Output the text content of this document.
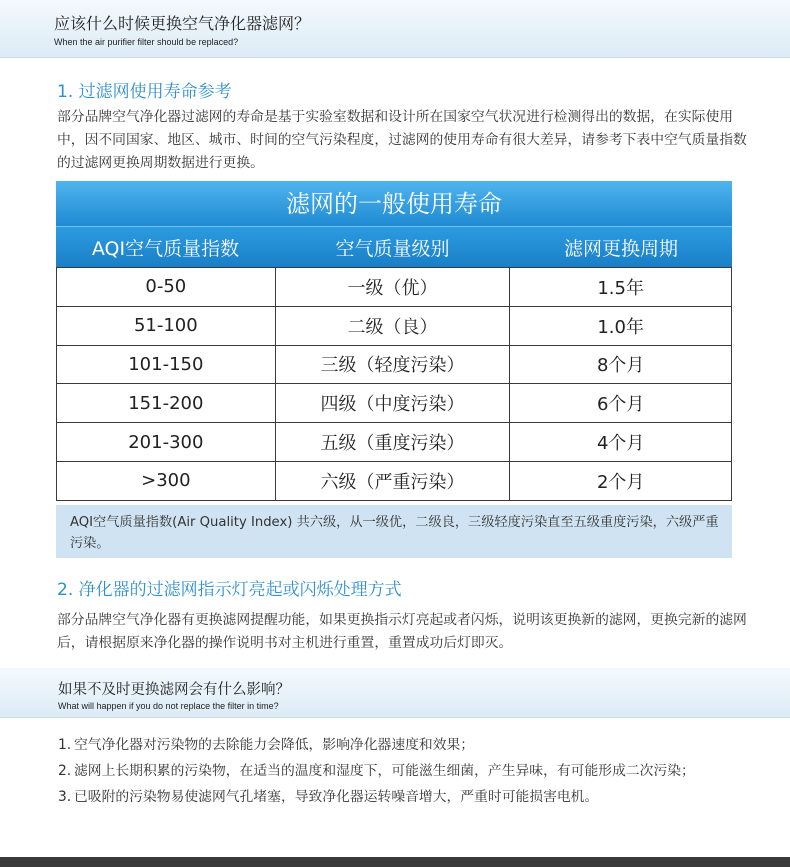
应该什么时候更换空气净化器滤网？
When the air purifier filter should be replaced?
1. 过滤网使用寿命参考
部分品牌空气净化器过滤网的寿命是基于实验室数据和设计所在国家空气状况进行检测得出的数据，在实际使用中，因不同国家、地区、城市、时间的空气污染程度，过滤网的使用寿命有很大差异，请参考下表中空气质量指数的过滤网更换周期数据进行更换。
滤网的一般使用寿命
AQI空气质量指数	空气质量级别	滤网更换周期
0-50	一级（优）	1.5年
51-100	二级（良）	1.0年
101-150	三级（轻度污染）	8个月
151-200	四级（中度污染）	6个月
201-300	五级（重度污染）	4个月
>300	六级（严重污染）	2个月
AQI空气质量指数(Air Quality Index) 共六级，从一级优，二级良，三级轻度污染直至五级重度污染，六级严重污染。
2. 净化器的过滤网指示灯亮起或闪烁处理方式
部分品牌空气净化器有更换滤网提醒功能，如果更换指示灯亮起或者闪烁，说明该更换新的滤网，更换完新的滤网后，请根据原来净化器的操作说明书对主机进行重置，重置成功后灯即灭。
如果不及时更换滤网会有什么影响？
What will happen if you do not replace the filter in time?
1. 空气净化器对污染物的去除能力会降低，影响净化器速度和效果；
2. 滤网上长期积累的污染物，在适当的温度和湿度下，可能滋生细菌，产生异味，有可能形成二次污染；
3. 已吸附的污染物易使滤网气孔堵塞，导致净化器运转噪音增大，严重时可能损害电机。
